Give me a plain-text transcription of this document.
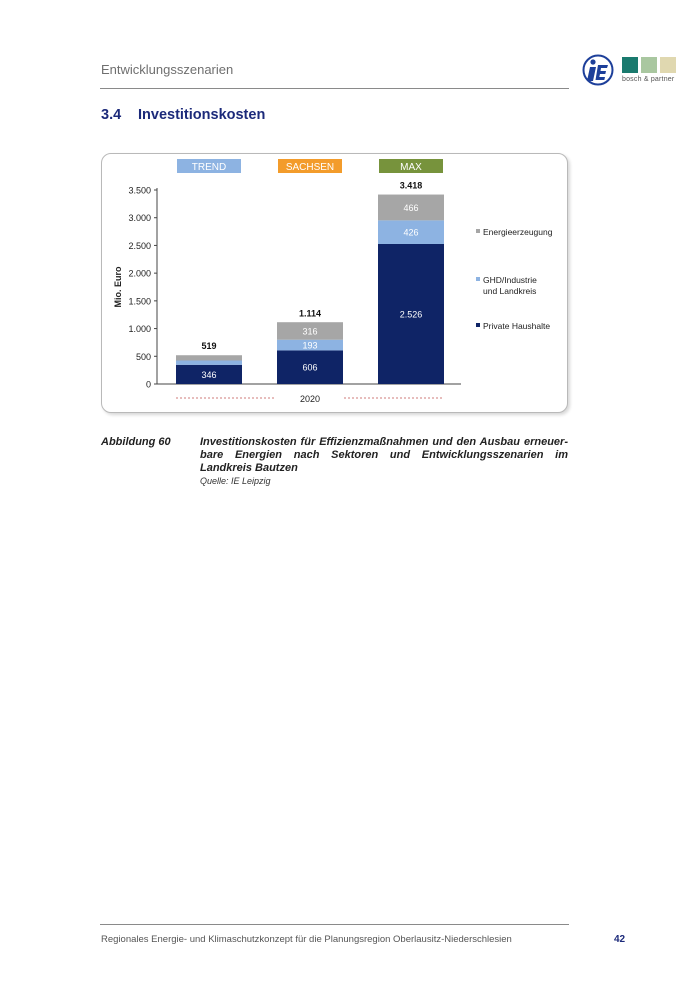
Entwicklungsszenarien
bosch & partner
3.4 Investitionskosten
0
500
1.000
1.500
2.000
2.500
3.000
3.500
Mio. Euro
TREND
346
519
SACHSEN
606
193
316
1.114
MAX
2.526
426
466
3.418
2020
Energieerzeugung
GHD/Industrie
und Landkreis
Private Haushalte
Abbildung 60	Investitionskosten für Effizienzmaßnahmen und den Ausbau erneuer-bare Energien nach Sektoren und Entwicklungsszenarien im Landkreis Bautzen
Quelle: IE Leipzig
Regionales Energie- und Klimaschutzkonzept für die Planungsregion Oberlausitz-Niederschlesien	42
